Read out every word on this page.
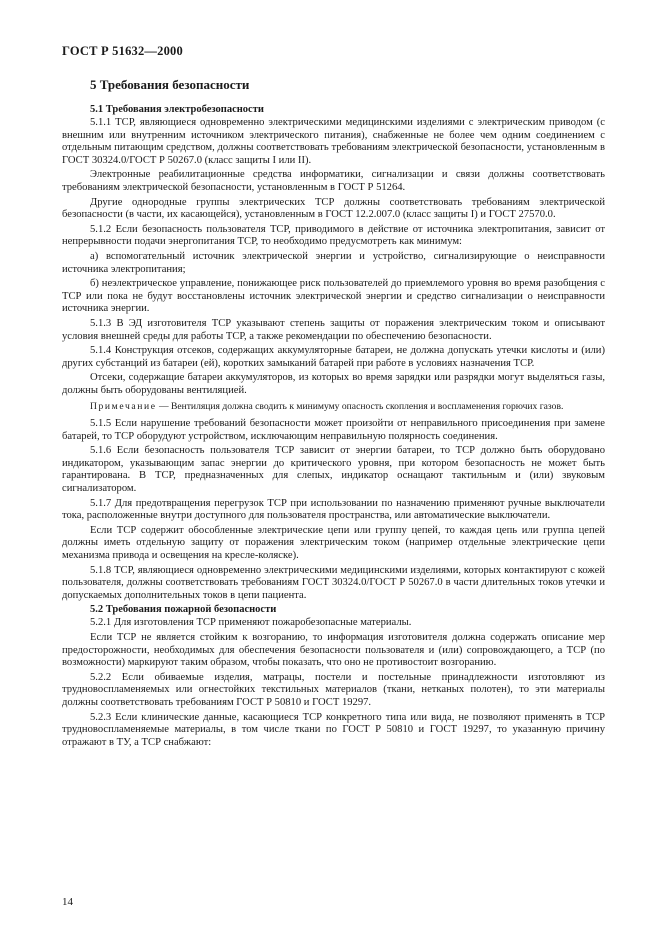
ГОСТ Р 51632—2000
5 Требования безопасности
5.1 Требования электробезопасности

5.1.1 ТСР, являющиеся одновременно электрическими медицинскими изделиями с электрическим приводом (с внешним или внутренним источником электрического питания), снабженные не более чем одним соединением с отдельным питающим средством, должны соответствовать требованиям электрической безопасности, установленным в ГОСТ 30324.0/ГОСТ Р 50267.0 (класс защиты I или II).

Электронные реабилитационные средства информатики, сигнализации и связи должны соответствовать требованиям электрической безопасности, установленным в ГОСТ Р 51264.

Другие однородные группы электрических ТСР должны соответствовать требованиям электрической безопасности (в части, их касающейся), установленным в ГОСТ 12.2.007.0 (класс защиты I) и ГОСТ 27570.0.

5.1.2 Если безопасность пользователя ТСР, приводимого в действие от источника электропитания, зависит от непрерывности подачи энергопитания ТСР, то необходимо предусмотреть как минимум:

а) вспомогательный источник электрической энергии и устройство, сигнализирующие о неисправности источника электропитания;

б) неэлектрическое управление, понижающее риск пользователей до приемлемого уровня во время разобщения с ТСР или пока не будут восстановлены источник электрической энергии и средство сигнализации о неисправности источника энергии.

5.1.3 В ЭД изготовителя ТСР указывают степень защиты от поражения электрическим током и описывают условия внешней среды для работы ТСР, а также рекомендации по обеспечению безопасности.

5.1.4 Конструкция отсеков, содержащих аккумуляторные батареи, не должна допускать утечки кислоты и (или) других субстанций из батареи (ей), коротких замыканий батарей при работе в условиях назначения ТСР.

Отсеки, содержащие батареи аккумуляторов, из которых во время зарядки или разрядки могут выделяться газы, должны быть оборудованы вентиляцией.

Примечание — Вентиляция должна сводить к минимуму опасность скопления и воспламенения горючих газов.

5.1.5 Если нарушение требований безопасности может произойти от неправильного присоединения при замене батарей, то ТСР оборудуют устройством, исключающим неправильную полярность соединения.

5.1.6 Если безопасность пользователя ТСР зависит от энергии батареи, то ТСР должно быть оборудовано индикатором, указывающим запас энергии до критического уровня, при котором безопасность не может быть гарантирована. В ТСР, предназначенных для слепых, индикатор оснащают тактильным и (или) звуковым сигнализатором.

5.1.7 Для предотвращения перегрузок ТСР при использовании по назначению применяют ручные выключатели тока, расположенные внутри доступного для пользователя пространства, или автоматические выключатели.

Если ТСР содержит обособленные электрические цепи или группу цепей, то каждая цепь или группа цепей должны иметь отдельную защиту от поражения электрическим током (например отдельные электрические цепи механизма привода и освещения на кресле-коляске).

5.1.8 ТСР, являющиеся одновременно электрическими медицинскими изделиями, которых контактируют с кожей пользователя, должны соответствовать требованиям ГОСТ 30324.0/ГОСТ Р 50267.0 в части длительных токов утечки и допускаемых дополнительных токов в цепи пациента.

5.2 Требования пожарной безопасности

5.2.1 Для изготовления ТСР применяют пожаробезопасные материалы.

Если ТСР не является стойким к возгоранию, то информация изготовителя должна содержать описание мер предосторожности, необходимых для обеспечения безопасности пользователя и (или) сопровождающего, а ТСР (по возможности) маркируют таким образом, чтобы показать, что оно не противостоит возгоранию.

5.2.2 Если обиваемые изделия, матрацы, постели и постельные принадлежности изготовляют из трудновоспламеняемых или огнестойких текстильных материалов (ткани, нетканых полотен), то эти материалы должны соответствовать требованиям ГОСТ Р 50810 и ГОСТ 19297.

5.2.3 Если клинические данные, касающиеся ТСР конкретного типа или вида, не позволяют применять в ТСР трудновоспламеняемые материалы, в том числе ткани по ГОСТ Р 50810 и ГОСТ 19297, то указанную причину отражают в ТУ, а ТСР снабжают:

14
